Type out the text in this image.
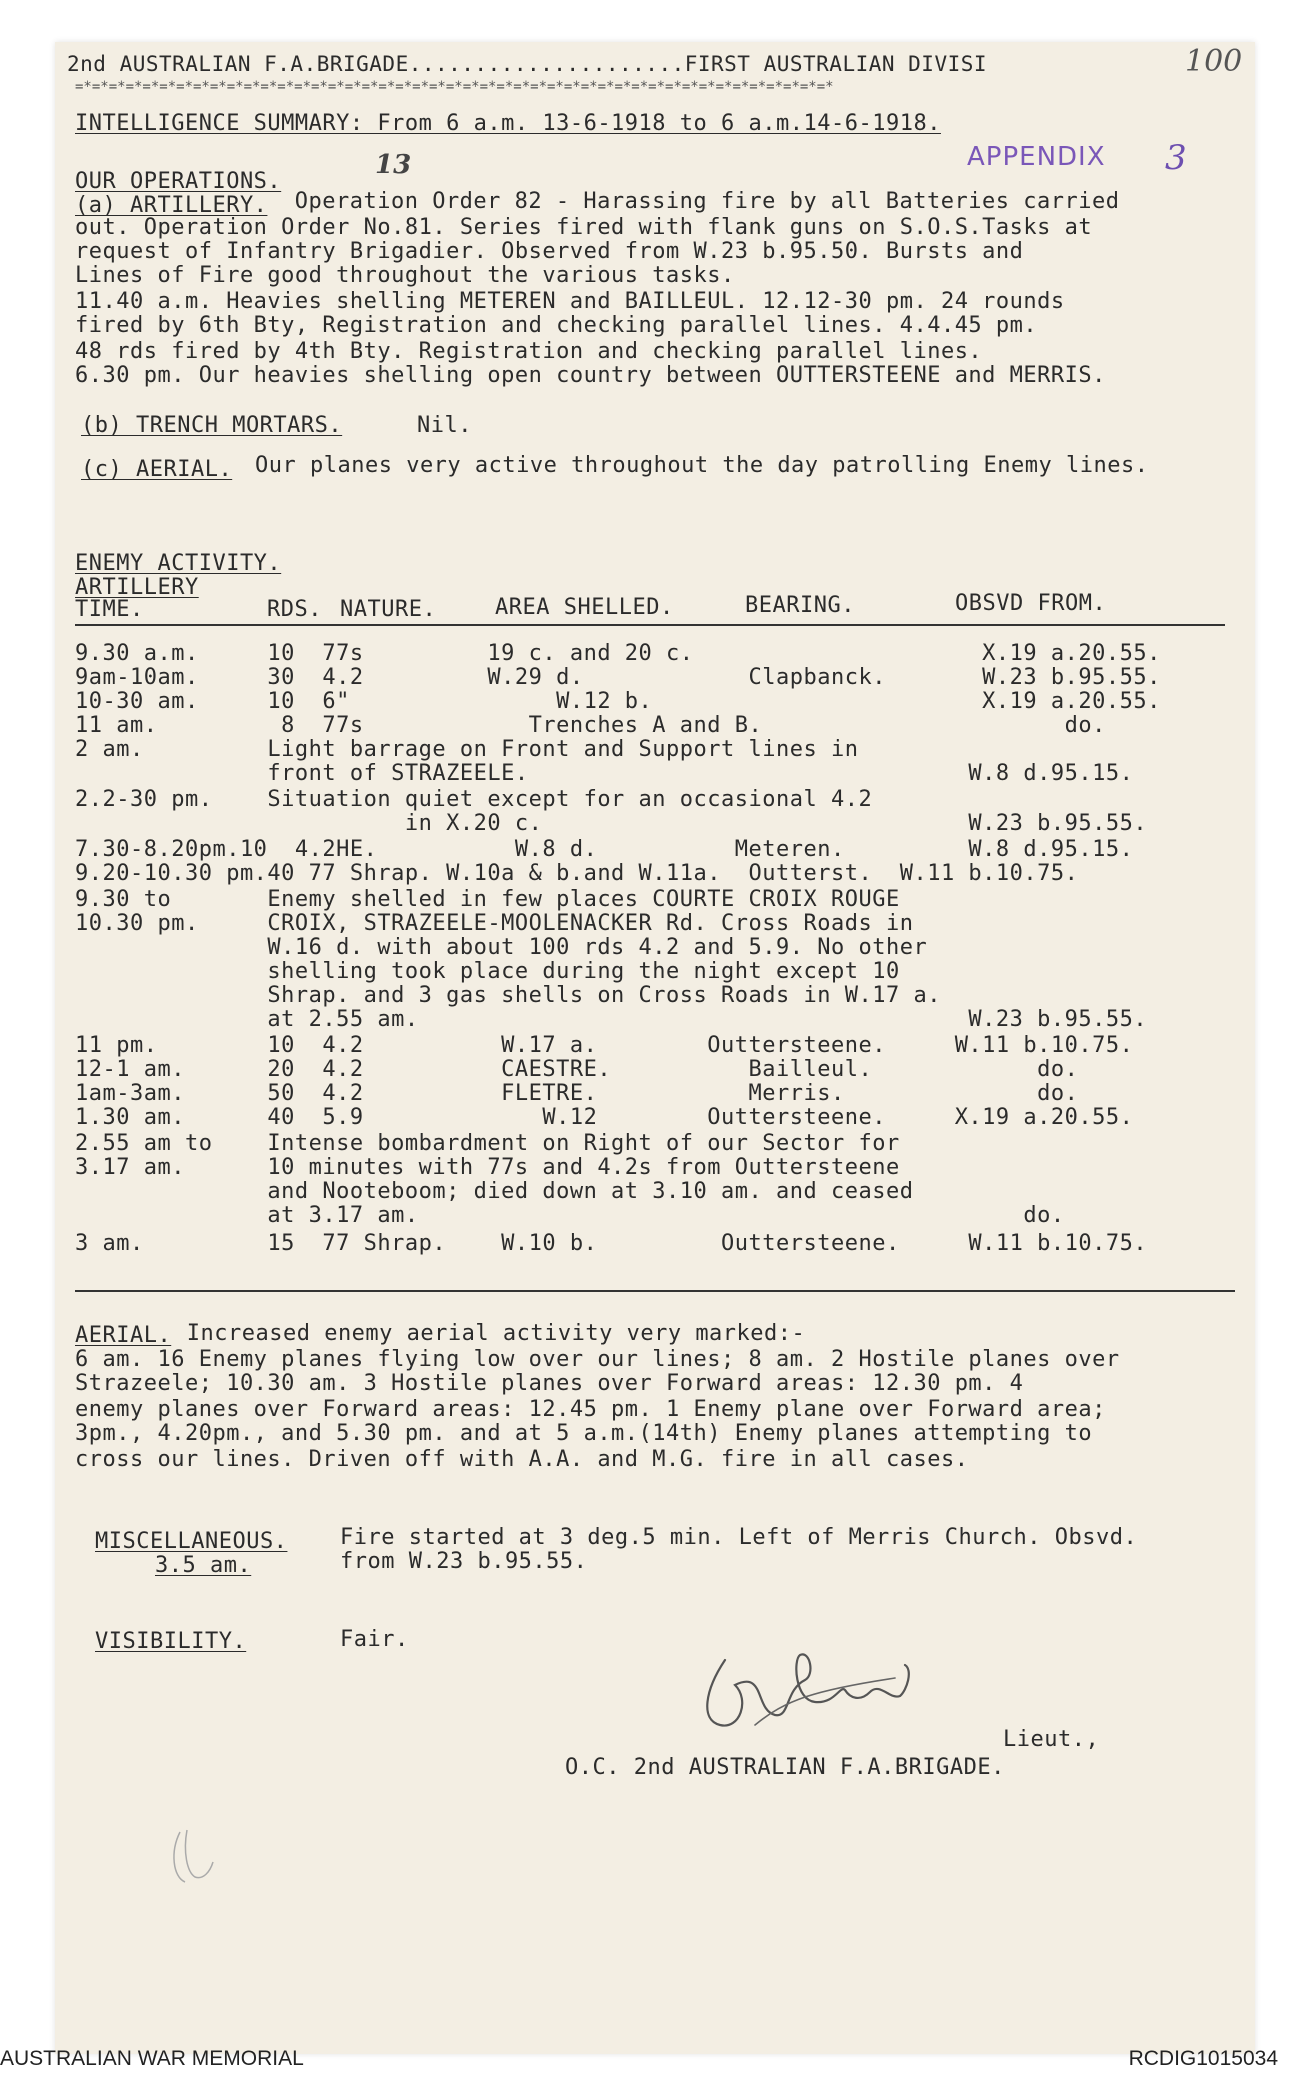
2nd AUSTRALIAN F.A.BRIGADE.....................FIRST AUSTRALIAN DIVISI	100
=*=*=*=*=*=*=*=*=*=*=*=*=*=*=*=*=*=*=*=*=*=*=*=*=*=*=*=*=*=*=*=*=*=*=*=*=*=*=*=*=*=*=*=*=*
INTELLIGENCE SUMMARY: From 6 a.m. 13-6-1918 to 6 a.m.14-6-1918.
APPENDIX 3
13
OUR OPERATIONS.
(a) ARTILLERY. Operation Order 82 - Harassing fire by all Batteries carried
out. Operation Order No.81. Series fired with flank guns on S.O.S.Tasks at
request of Infantry Brigadier. Observed from W.23 b.95.50. Bursts and
Lines of Fire good throughout the various tasks.
11.40 a.m. Heavies shelling METEREN and BAILLEUL. 12.12-30 pm. 24 rounds
fired by 6th Bty, Registration and checking parallel lines. 4.4.45 pm.
48 rds fired by 4th Bty. Registration and checking parallel lines.
6.30 pm. Our heavies shelling open country between OUTTERSTEENE and MERRIS.
(b) TRENCH MORTARS.	Nil.
(c) AERIAL. Our planes very active throughout the day patrolling Enemy lines.
ENEMY ACTIVITY.
ARTILLERY
TIME.	RDS. NATURE.	AREA SHELLED.	BEARING.	OBSVD FROM.
9.30 a.m.     10  77s         19 c. and 20 c.                     X.19 a.20.55.
9am-10am.     30  4.2         W.29 d.            Clapbanck.       W.23 b.95.55.
10-30 am.     10  6"               W.12 b.                        X.19 a.20.55.
11 am.         8  77s            Trenches A and B.                      do.
2 am.         Light barrage on Front and Support lines in
front of STRAZEELE.                                W.8 d.95.15.
2.2-30 pm.    Situation quiet except for an occasional 4.2
in X.20 c.                               W.23 b.95.55.
7.30-8.20pm.10  4.2HE.          W.8 d.          Meteren.         W.8 d.95.15.
9.20-10.30 pm.40 77 Shrap. W.10a & b.and W.11a.  Outterst.  W.11 b.10.75.
9.30 to       Enemy shelled in few places COURTE CROIX ROUGE
10.30 pm.     CROIX, STRAZEELE-MOOLENACKER Rd. Cross Roads in
W.16 d. with about 100 rds 4.2 and 5.9. No other
shelling took place during the night except 10
Shrap. and 3 gas shells on Cross Roads in W.17 a.
at 2.55 am.                                        W.23 b.95.55.
11 pm.        10  4.2          W.17 a.        Outtersteene.     W.11 b.10.75.
12-1 am.      20  4.2          CAESTRE.          Bailleul.            do.
1am-3am.      50  4.2          FLETRE.           Merris.              do.
1.30 am.      40  5.9             W.12        Outtersteene.     X.19 a.20.55.
2.55 am to    Intense bombardment on Right of our Sector for
3.17 am.      10 minutes with 77s and 4.2s from Outtersteene
and Nooteboom; died down at 3.10 am. and ceased
at 3.17 am.                                            do.
3 am.         15  77 Shrap.    W.10 b.         Outtersteene.     W.11 b.10.75.
AERIAL. Increased enemy aerial activity very marked:-
6 am. 16 Enemy planes flying low over our lines; 8 am. 2 Hostile planes over
Strazeele; 10.30 am. 3 Hostile planes over Forward areas: 12.30 pm. 4
enemy planes over Forward areas: 12.45 pm. 1 Enemy plane over Forward area;
3pm., 4.20pm., and 5.30 pm. and at 5 a.m.(14th) Enemy planes attempting to
cross our lines. Driven off with A.A. and M.G. fire in all cases.
MISCELLANEOUS.
3.5 am.
Fire started at 3 deg.5 min. Left of Merris Church. Obsvd.
from W.23 b.95.55.
VISIBILITY.	Fair.
Lieut.,
O.C. 2nd AUSTRALIAN F.A.BRIGADE.
AUSTRALIAN WAR MEMORIAL	RCDIG1015034
